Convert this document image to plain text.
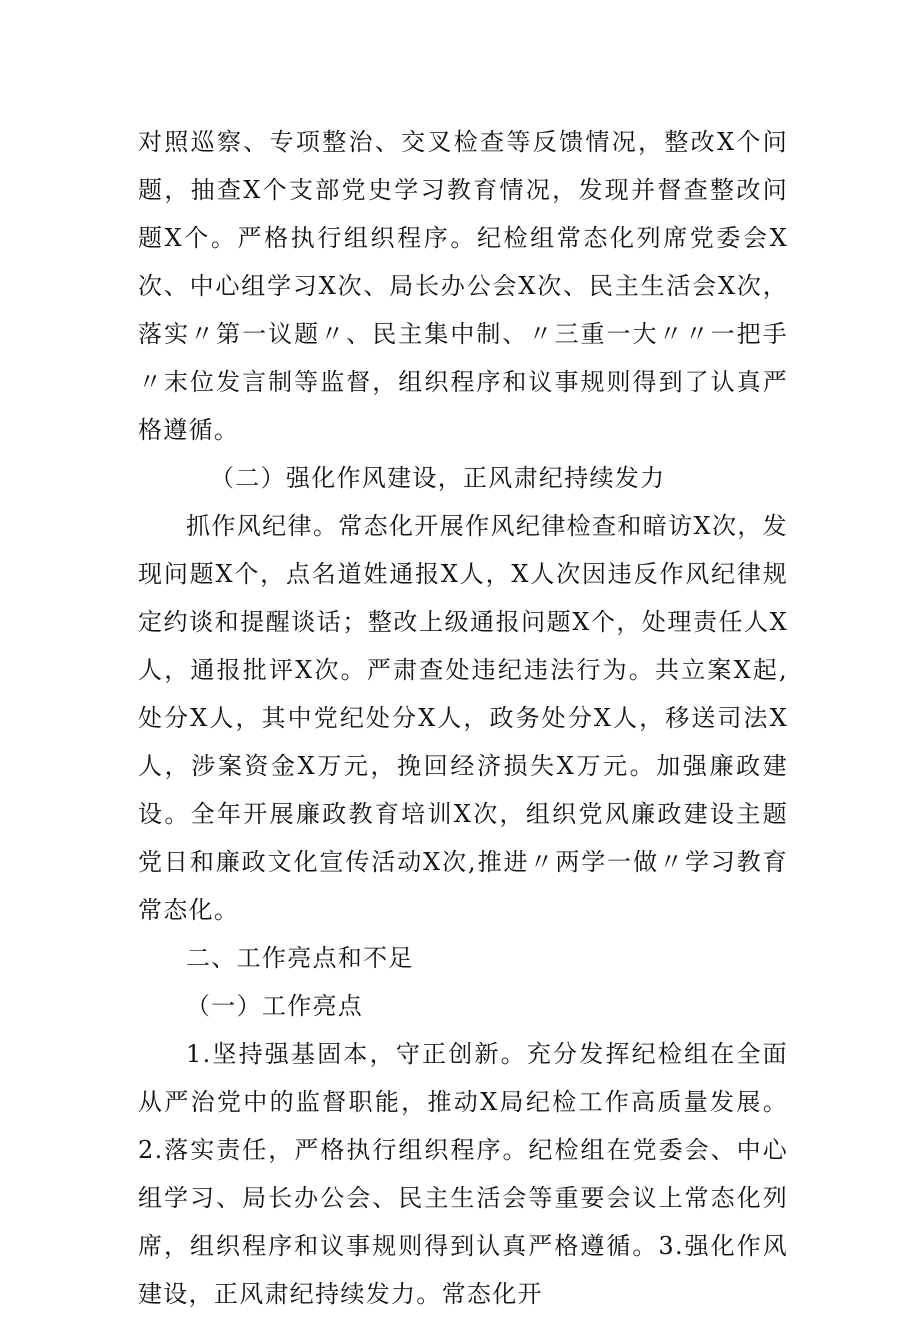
对照巡察、专项整治、交叉检查等反馈情况，整改X个问题，抽查X个支部党史学习教育情况，发现并督查整改问题X个。严格执行组织程序。纪检组常态化列席党委会X次、中心组学习X次、局长办公会X次、民主生活会X次，落实〃第一议题〃、民主集中制、〃三重一大〃〃一把手〃末位发言制等监督，组织程序和议事规则得到了认真严格遵循。

（二）强化作风建设，正风肃纪持续发力

抓作风纪律。常态化开展作风纪律检查和暗访X次，发现问题X个，点名道姓通报X人，X人次因违反作风纪律规定约谈和提醒谈话；整改上级通报问题X个，处理责任人X人，通报批评X次。严肃查处违纪违法行为。共立案X起,处分X人，其中党纪处分X人，政务处分X人，移送司法X人，涉案资金X万元，挽回经济损失X万元。加强廉政建设。全年开展廉政教育培训X次，组织党风廉政建设主题党日和廉政文化宣传活动X次,推进〃两学一做〃学习教育常态化。

二、工作亮点和不足

（一）工作亮点

1.坚持强基固本，守正创新。充分发挥纪检组在全面从严治党中的监督职能，推动X局纪检工作高质量发展。2.落实责任，严格执行组织程序。纪检组在党委会、中心组学习、局长办公会、民主生活会等重要会议上常态化列席，组织程序和议事规则得到认真严格遵循。3.强化作风建设，正风肃纪持续发力。常态化开
